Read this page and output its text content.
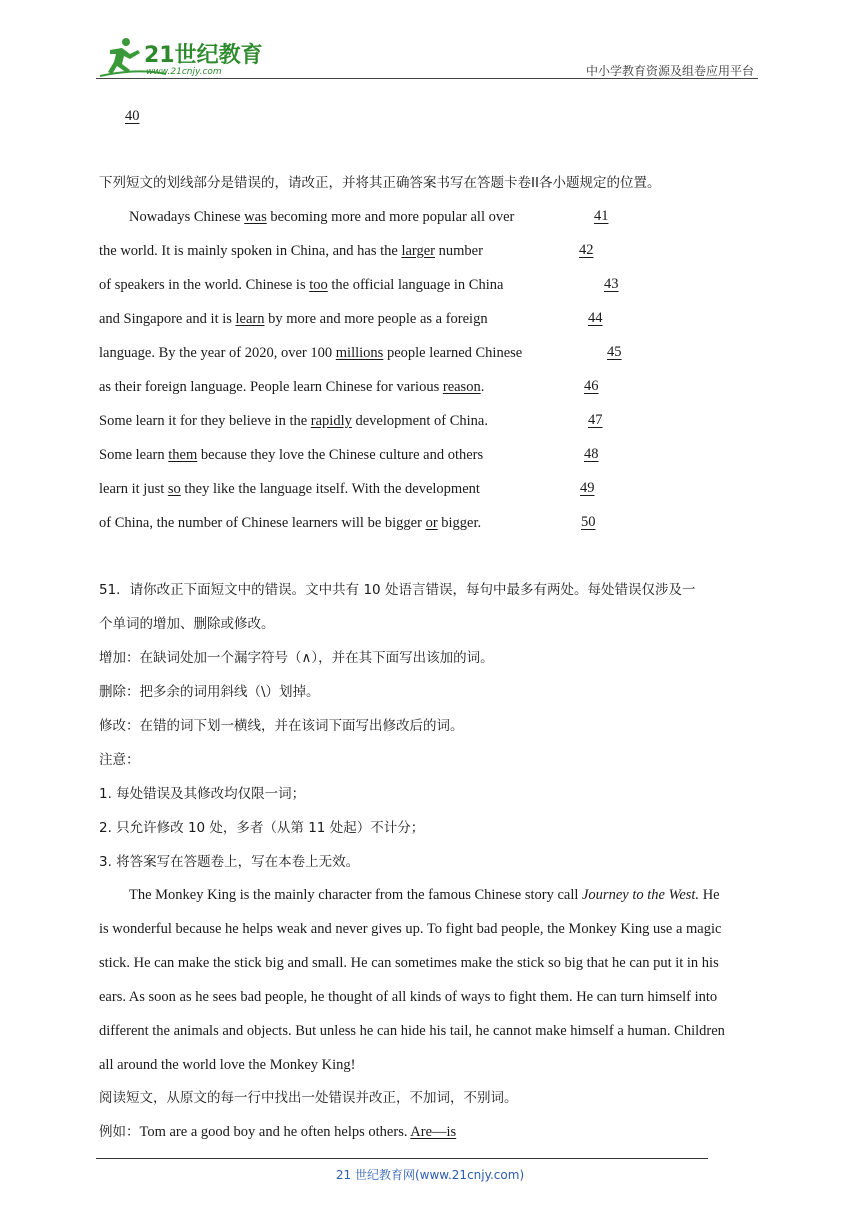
21世纪教育
www.21cnjy.com	中小学教育资源及组卷应用平台
40
下列短文的划线部分是错误的，请改正，并将其正确答案书写在答题卡卷II各小题规定的位置。
Nowadays Chinese was becoming more and more popular all over	41
the world. It is mainly spoken in China, and has the larger number	42
of speakers in the world. Chinese is too the official language in China	43
and Singapore and it is learn by more and more people as a foreign	44
language. By the year of 2020, over 100 millions people learned Chinese	45
as their foreign language. People learn Chinese for various reason.	46
Some learn it for they believe in the rapidly development of China.	47
Some learn them because they love the Chinese culture and others	48
learn it just so they like the language itself. With the development	49
of China, the number of Chinese learners will be bigger or bigger.	50
51．请你改正下面短文中的错误。文中共有 10 处语言错误，每句中最多有两处。每处错误仅涉及一
个单词的增加、删除或修改。
增加：在缺词处加一个漏字符号（∧），并在其下面写出该加的词。
删除：把多余的词用斜线（\）划掉。
修改：在错的词下划一横线，并在该词下面写出修改后的词。
注意：
1. 每处错误及其修改均仅限一词；
2. 只允许修改 10 处，多者（从第 11 处起）不计分；
3. 将答案写在答题卷上，写在本卷上无效。
The Monkey King is the mainly character from the famous Chinese story call Journey to the West. He
is wonderful because he helps weak and never gives up. To fight bad people, the Monkey King use a magic
stick. He can make the stick big and small. He can sometimes make the stick so big that he can put it in his
ears. As soon as he sees bad people, he thought of all kinds of ways to fight them. He can turn himself into
different the animals and objects. But unless he can hide his tail, he cannot make himself a human. Children
all around the world love the Monkey King!
阅读短文，从原文的每一行中找出一处错误并改正，不加词，不别词。
例如：Tom are a good boy and he often helps others. Are—is
21 世纪教育网(www.21cnjy.com)
